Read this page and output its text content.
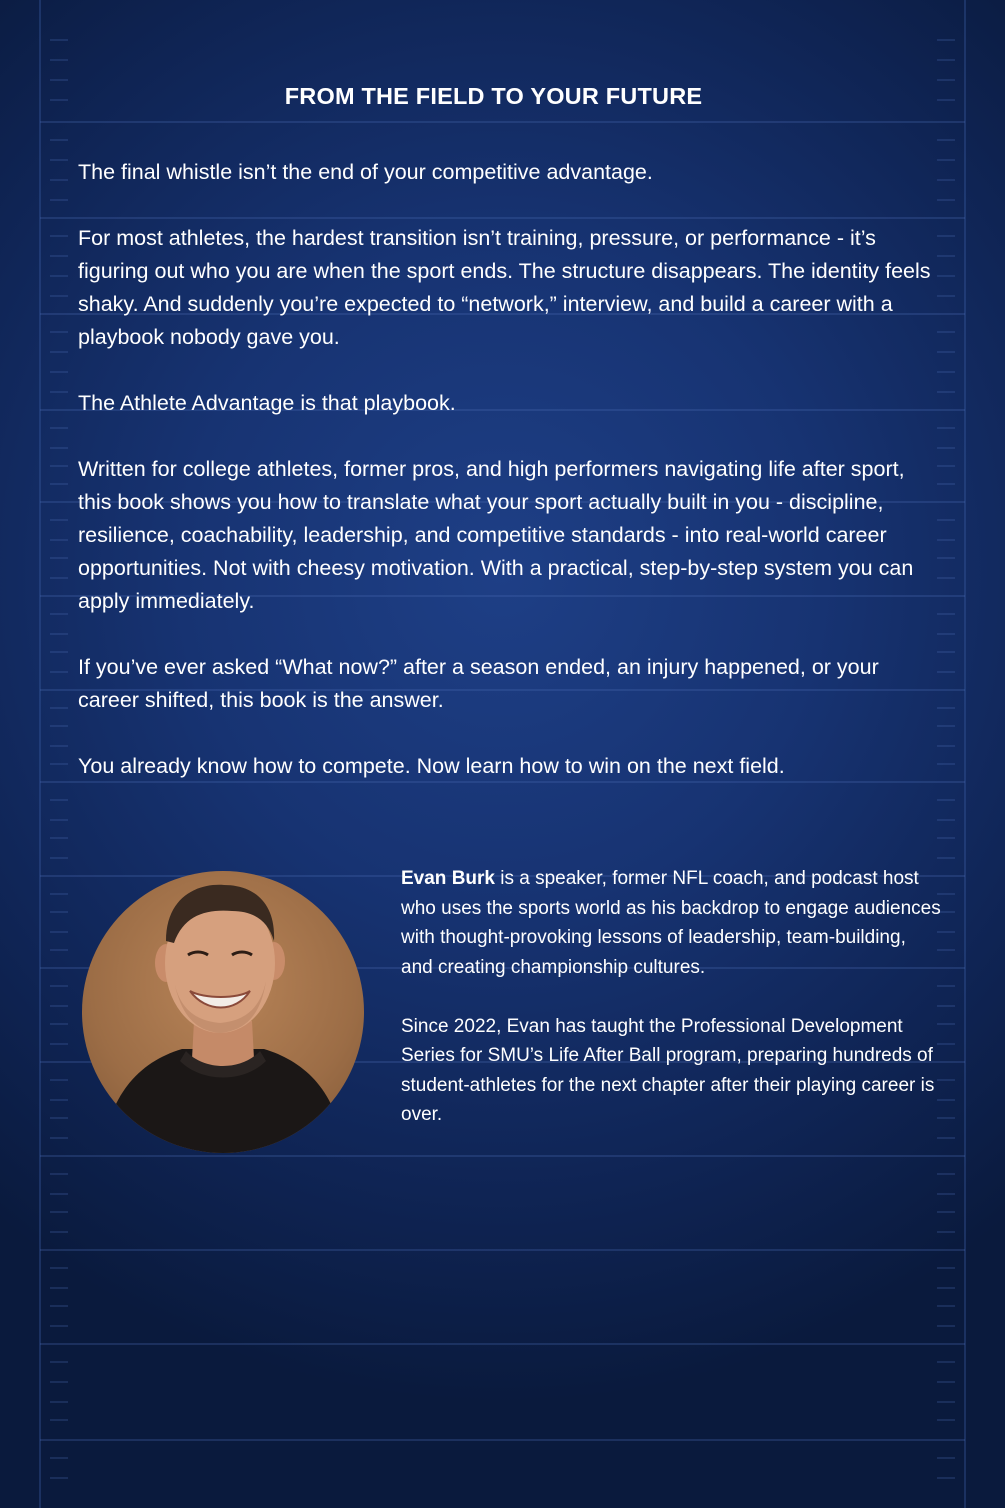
FROM THE FIELD TO YOUR FUTURE

The final whistle isn’t the end of your competitive advantage.

For most athletes, the hardest transition isn’t training, pressure, or performance - it’s figuring out who you are when the sport ends. The structure disappears. The identity feels shaky. And suddenly you’re expected to “network,” interview, and build a career with a playbook nobody gave you.

The Athlete Advantage is that playbook.

Written for college athletes, former pros, and high performers navigating life after sport, this book shows you how to translate what your sport actually built in you - discipline, resilience, coachability, leadership, and competitive standards - into real-world career opportunities. Not with cheesy motivation. With a practical, step-by-step system you can apply immediately.

If you’ve ever asked “What now?” after a season ended, an injury happened, or your career shifted, this book is the answer.

You already know how to compete. Now learn how to win on the next field.

Evan Burk is a speaker, former NFL coach, and podcast host who uses the sports world as his backdrop to engage audiences with thought-provoking lessons of leadership, team-building, and creating championship cultures.

Since 2022, Evan has taught the Professional Development Series for SMU’s Life After Ball program, preparing hundreds of student-athletes for the next chapter after their playing career is over.
